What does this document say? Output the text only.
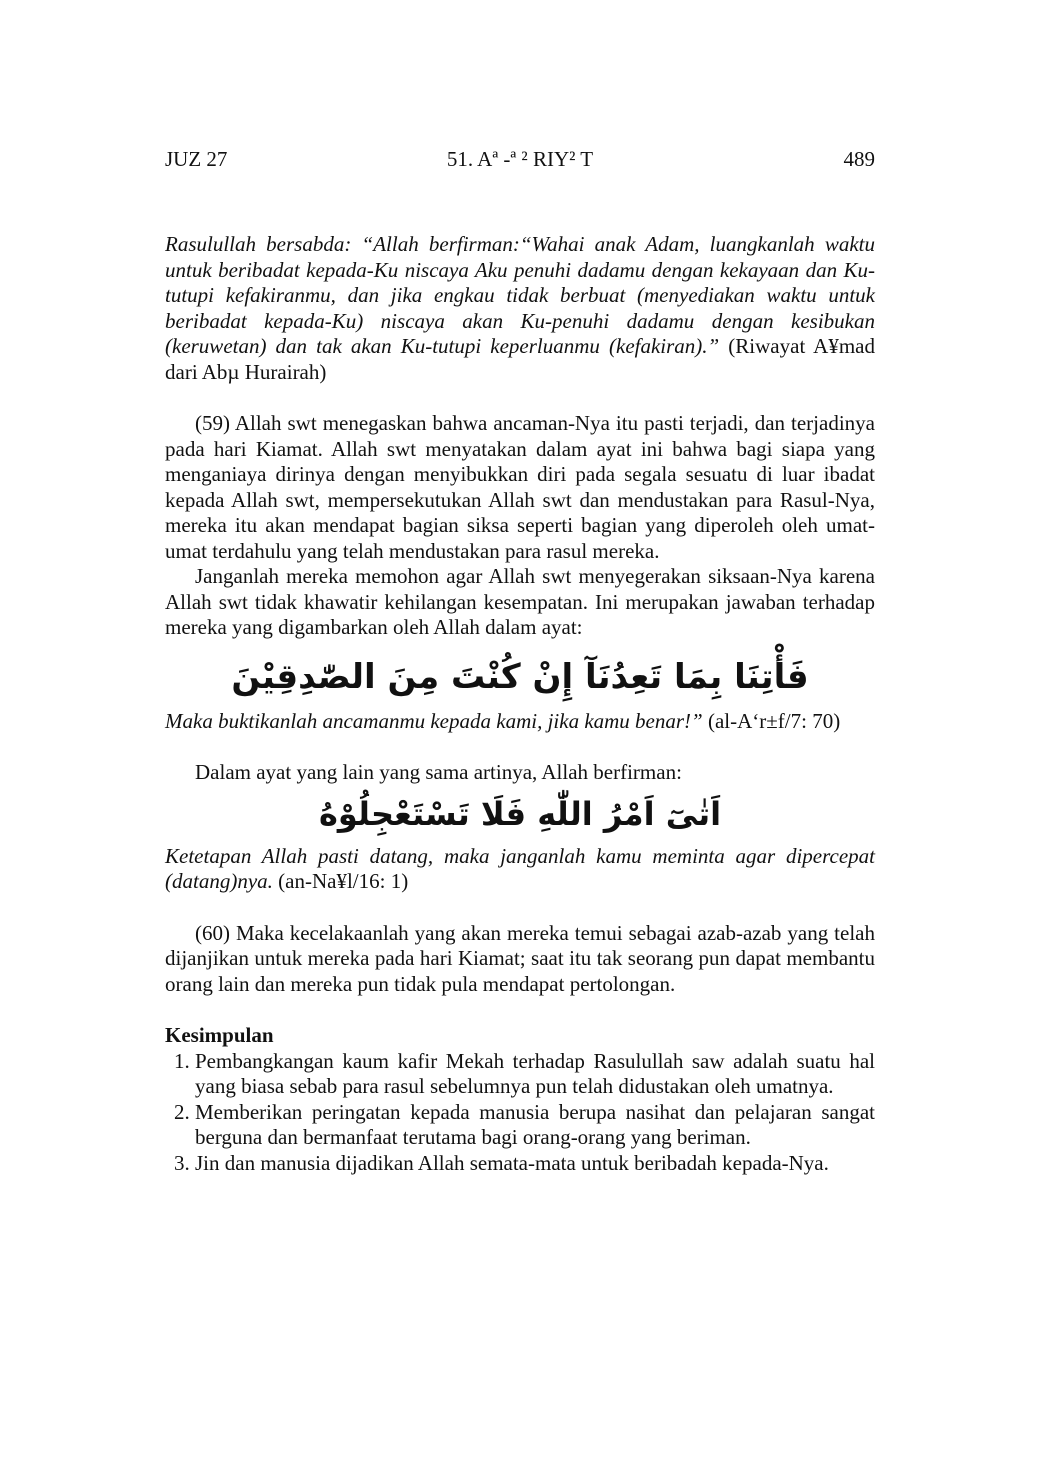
JUZ 27	51. Aª -ª ² RIY² T	489

Rasulullah bersabda: “Allah berfirman:“Wahai anak Adam, luangkanlah waktu untuk beribadat kepada-Ku niscaya Aku penuhi dadamu dengan kekayaan dan Ku-tutupi kefakiranmu, dan jika engkau tidak berbuat (menyediakan waktu untuk beribadat kepada-Ku) niscaya akan Ku-penuhi dadamu dengan kesibukan (keruwetan) dan tak akan Ku-tutupi keperluanmu (kefakiran).” (Riwayat A¥mad dari Abµ Hurairah)

(59) Allah swt menegaskan bahwa ancaman-Nya itu pasti terjadi, dan terjadinya pada hari Kiamat. Allah swt menyatakan dalam ayat ini bahwa bagi siapa yang menganiaya dirinya dengan menyibukkan diri pada segala sesuatu di luar ibadat kepada Allah swt, mempersekutukan Allah swt dan mendustakan para Rasul-Nya, mereka itu akan mendapat bagian siksa seperti bagian yang diperoleh oleh umat-umat terdahulu yang telah mendustakan para rasul mereka.

Janganlah mereka memohon agar Allah swt menyegerakan siksaan-Nya karena Allah swt tidak khawatir kehilangan kesempatan. Ini merupakan jawaban terhadap mereka yang digambarkan oleh Allah dalam ayat:

فَأْتِنَا بِمَا تَعِدُنَآ إِنْ كُنْتَ مِنَ الصّٰدِقِيْنَ

Maka buktikanlah ancamanmu kepada kami, jika kamu benar!” (al-A‘r±f/7: 70)

Dalam ayat yang lain yang sama artinya, Allah berfirman:

اَتٰىٓ اَمْرُ اللّٰهِ فَلَا تَسْتَعْجِلُوْهُ

Ketetapan Allah pasti datang, maka janganlah kamu meminta agar dipercepat (datang)nya. (an-Na¥l/16: 1)

(60) Maka kecelakaanlah yang akan mereka temui sebagai azab-azab yang telah dijanjikan untuk mereka pada hari Kiamat; saat itu tak seorang pun dapat membantu orang lain dan mereka pun tidak pula mendapat pertolongan.

Kesimpulan
1. Pembangkangan kaum kafir Mekah terhadap Rasulullah saw adalah suatu hal yang biasa sebab para rasul sebelumnya pun telah didustakan oleh umatnya.
2. Memberikan peringatan kepada manusia berupa nasihat dan pelajaran sangat berguna dan bermanfaat terutama bagi orang-orang yang beriman.
3. Jin dan manusia dijadikan Allah semata-mata untuk beribadah kepada-Nya.
